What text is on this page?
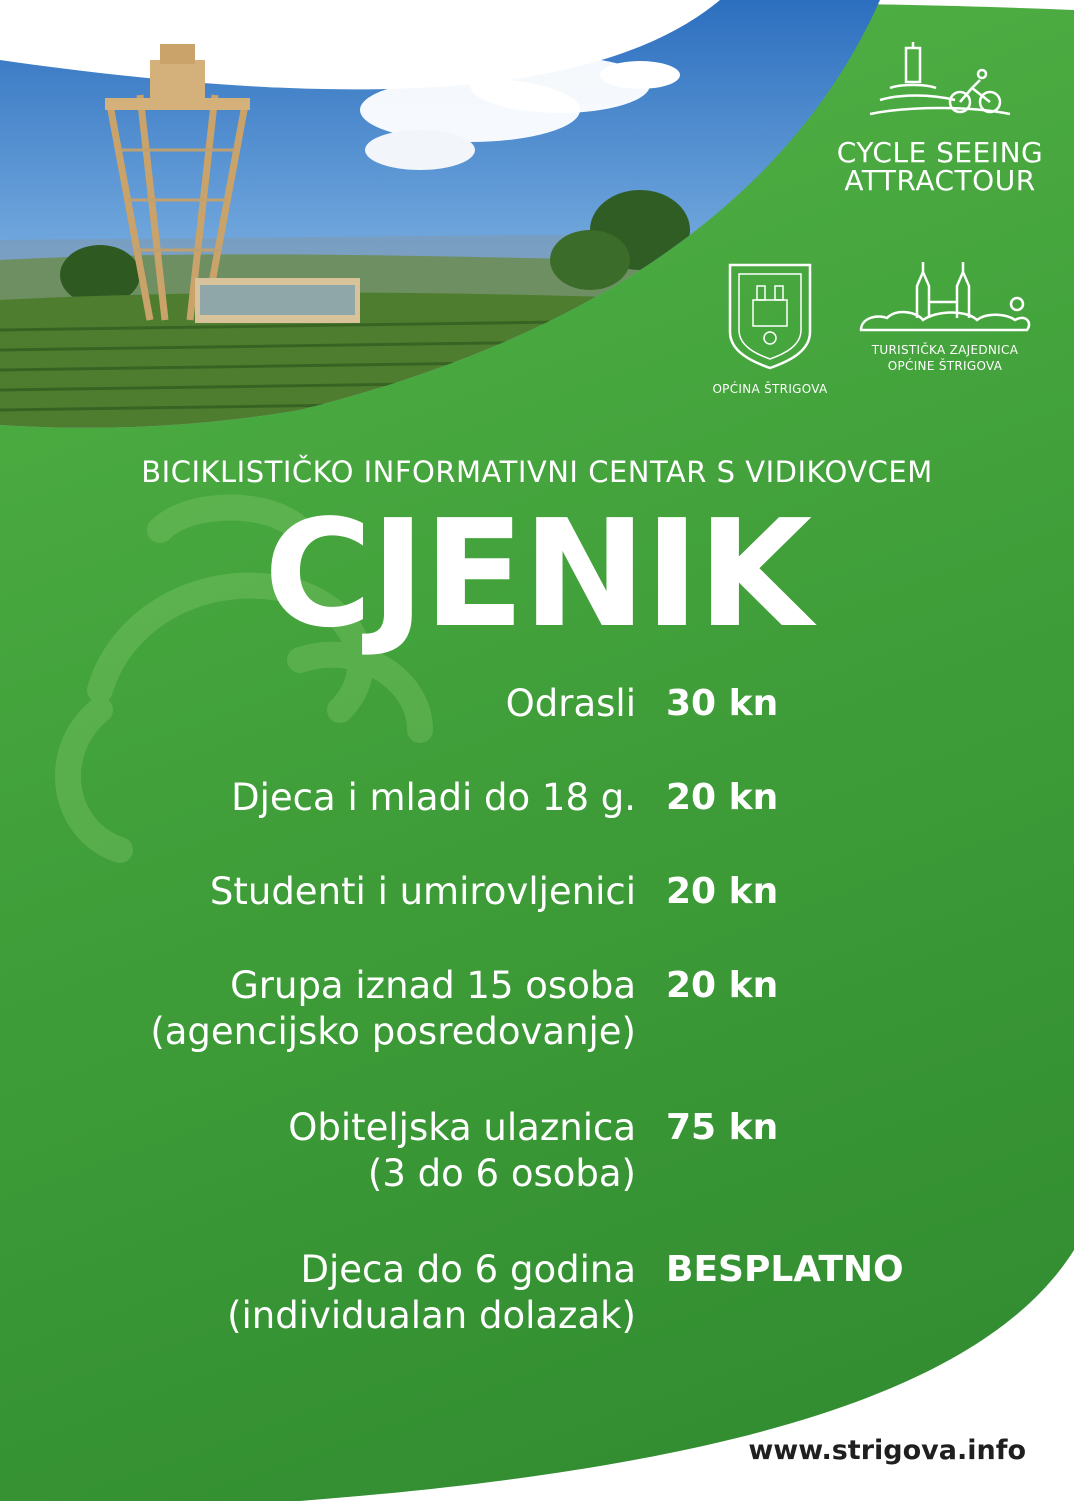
CYCLE SEEING
ATTRACTOUR
OPĆINA ŠTRIGOVA
TURISTIČKA ZAJEDNICA
OPĆINE ŠTRIGOVA
BICIKLISTIČKO INFORMATIVNI CENTAR S VIDIKOVCEM
CJENIK
Odrasli 30 kn
Djeca i mladi do 18 g. 20 kn
Studenti i umirovljenici 20 kn
Grupa iznad 15 osoba
(agencijsko posredovanje)
20 kn
Obiteljska ulaznica
(3 do 6 osoba)
75 kn
Djeca do 6 godina
(individualan dolazak)
BESPLATNO
www.strigova.info
